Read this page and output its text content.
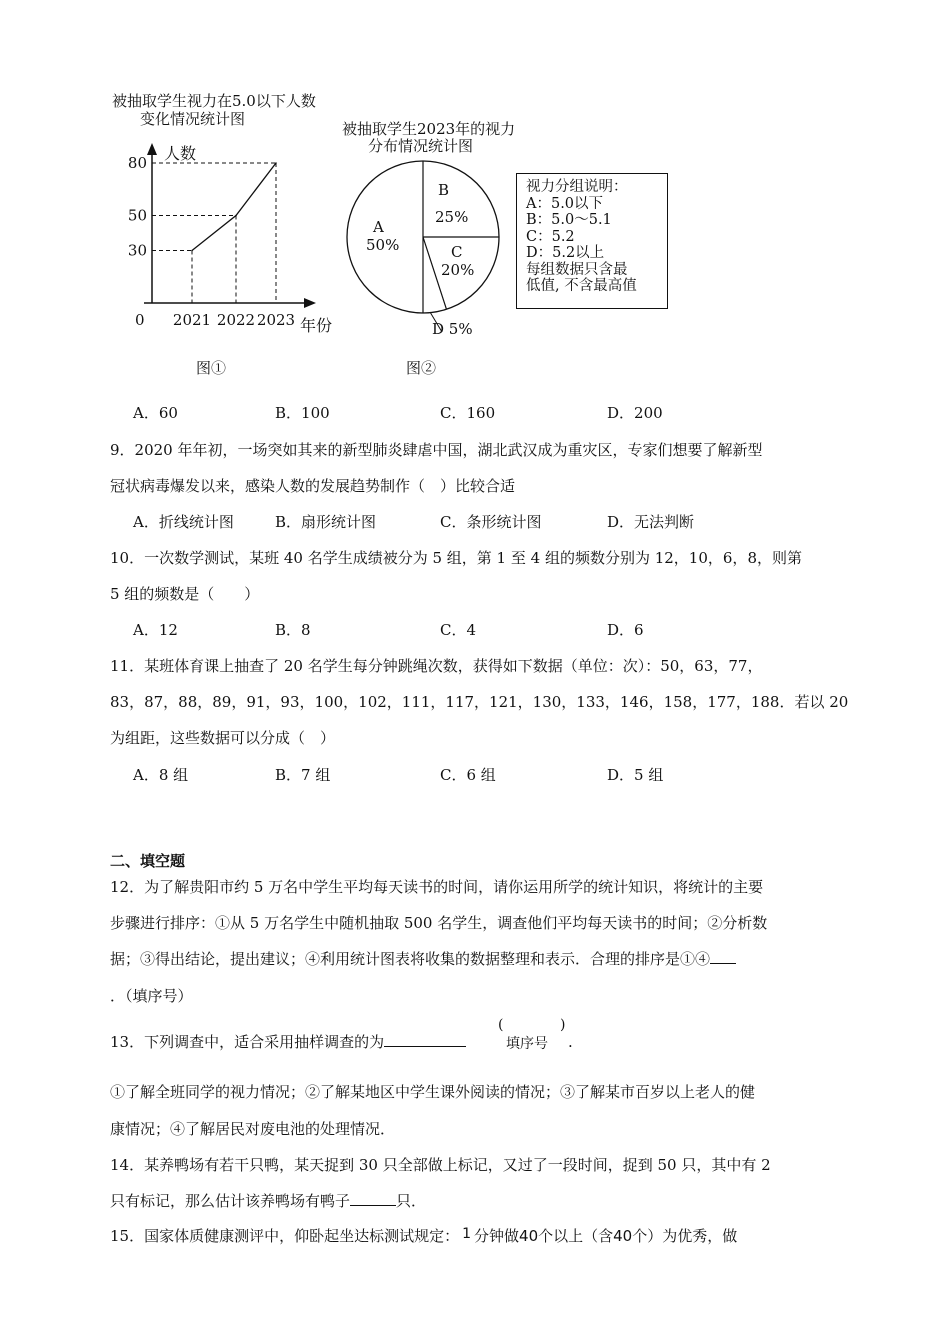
被抽取学生视力在5.0以下人数
变化情况统计图
人数
0
30
50
80
2021 2022 2023 年份
图①
被抽取学生2023年的视力
分布情况统计图
A
50%
B
25%
C
20%
D 5%
图②
视力分组说明：
A：5.0以下
B：5.0～5.1
C：5.2
D：5.2以上
每组数据只含最
低值, 不含最高值
A．60	B．100	C．160	D．200
9．2020 年年初，一场突如其来的新型肺炎肆虐中国，湖北武汉成为重灾区，专家们想要了解新型
冠状病毒爆发以来，感染人数的发展趋势制作（　）比较合适
A．折线统计图	B．扇形统计图	C．条形统计图	D．无法判断
10．一次数学测试，某班 40 名学生成绩被分为 5 组，第 1 至 4 组的频数分别为 12，10，6，8，则第
5 组的频数是（　　）
A．12	B．8	C．4	D．6
11．某班体育课上抽查了 20 名学生每分钟跳绳次数，获得如下数据（单位：次）：50，63，77，
83，87，88，89，91，93，100，102，111，117，121，130，133，146，158，177，188．若以 20
为组距，这些数据可以分成（　）
A．8 组	B．7 组	C．6 组	D．5 组
二、填空题
12．为了解贵阳市约 5 万名中学生平均每天读书的时间，请你运用所学的统计知识，将统计的主要
步骤进行排序：①从 5 万名学生中随机抽取 500 名学生，调查他们平均每天读书的时间；②分析数
据；③得出结论，提出建议；④利用统计图表将收集的数据整理和表示．合理的排序是①④
．（填序号）
13．下列调查中，适合采用抽样调查的为
(
填序号
)
.
①了解全班同学的视力情况；②了解某地区中学生课外阅读的情况；③了解某市百岁以上老人的健
康情况；④了解居民对废电池的处理情况．
14．某养鸭场有若干只鸭，某天捉到 30 只全部做上标记，又过了一段时间，捉到 50 只，其中有 2
只有标记，那么估计该养鸭场有鸭子	只．
15．国家体质健康测评中，仰卧起坐达标测试规定： 1 分钟做40个以上（含40个）为优秀，做
